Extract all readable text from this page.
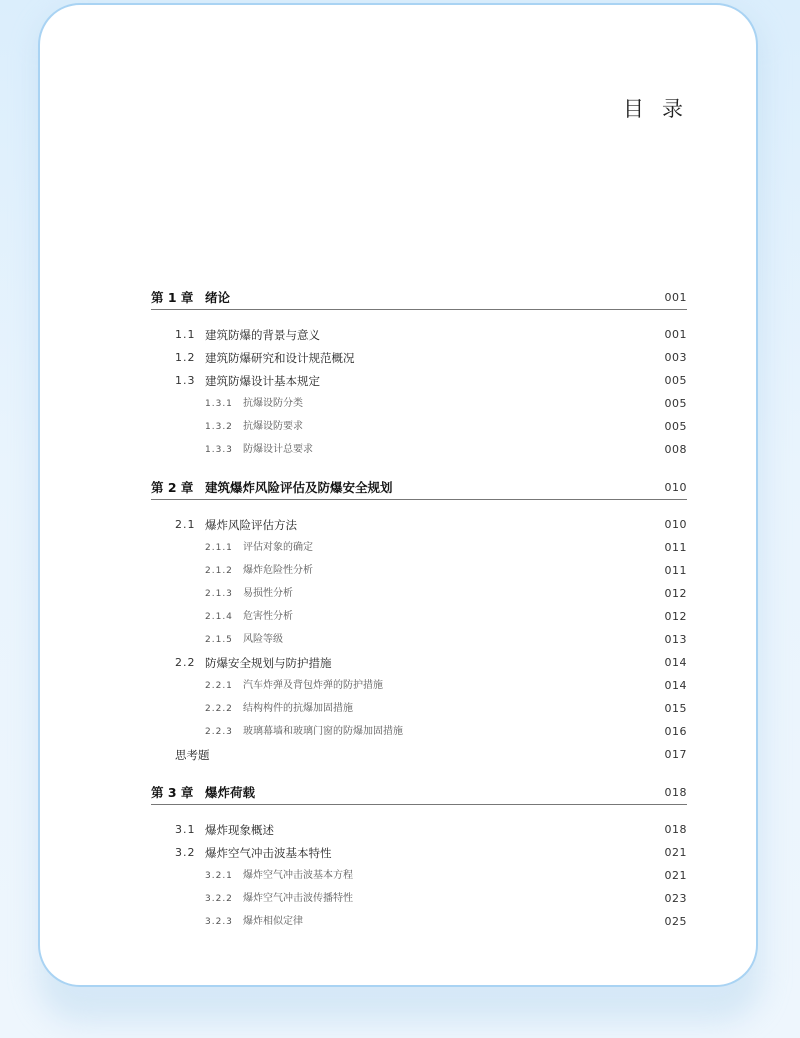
目 录
第 1 章 绪论	001
1.1 建筑防爆的背景与意义	001
1.2 建筑防爆研究和设计规范概况	003
1.3 建筑防爆设计基本规定	005
1.3.1 抗爆设防分类	005
1.3.2 抗爆设防要求	005
1.3.3 防爆设计总要求	008
第 2 章 建筑爆炸风险评估及防爆安全规划	010
2.1 爆炸风险评估方法	010
2.1.1 评估对象的确定	011
2.1.2 爆炸危险性分析	011
2.1.3 易损性分析	012
2.1.4 危害性分析	012
2.1.5 风险等级	013
2.2 防爆安全规划与防护措施	014
2.2.1 汽车炸弹及背包炸弹的防护措施	014
2.2.2 结构构件的抗爆加固措施	015
2.2.3 玻璃幕墙和玻璃门窗的防爆加固措施	016
思考题	017
第 3 章 爆炸荷载	018
3.1 爆炸现象概述	018
3.2 爆炸空气冲击波基本特性	021
3.2.1 爆炸空气冲击波基本方程	021
3.2.2 爆炸空气冲击波传播特性	023
3.2.3 爆炸相似定律	025
